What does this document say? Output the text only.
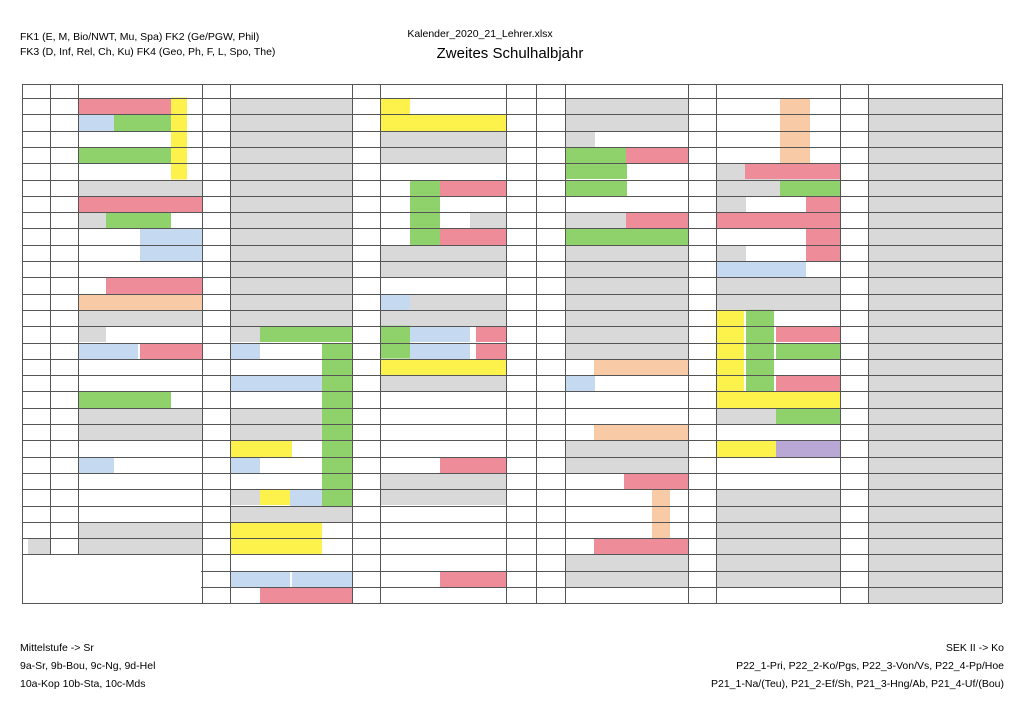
FK1 (E, M, Bio/NWT, Mu, Spa) FK2 (Ge/PGW, Phil)
FK3 (D, Inf, Rel, Ch, Ku) FK4 (Geo, Ph, F, L, Spo, The)
Kalender_2020_21_Lehrer.xlsx
Zweites Schulhalbjahr
Mittelstufe -> Sr
9a-Sr, 9b-Bou, 9c-Ng, 9d-Hel
10a-Kop 10b-Sta, 10c-Mds
SEK II -> Ko
P22_1-Pri, P22_2-Ko/Pgs, P22_3-Von/Vs, P22_4-Pp/Hoe
P21_1-Na/(Teu), P21_2-Ef/Sh, P21_3-Hng/Ab, P21_4-Uf/(Bou)
